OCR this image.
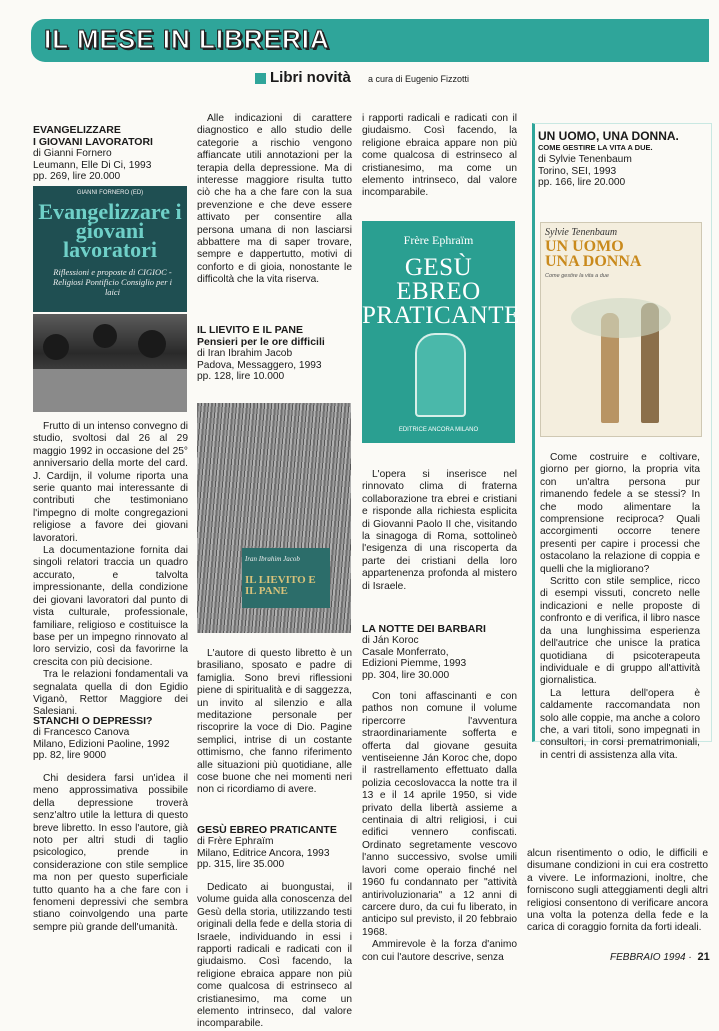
IL MESE IN LIBRERIA
Libri novità a cura di Eugenio Fizzotti
EVANGELIZZARE
I GIOVANI LAVORATORI
di Gianni Fornero
Leumann, Elle Di Ci, 1993
pp. 269, lire 20.000
GIANNI FORNERO (ED)
Evangelizzare i giovani lavoratori
Riflessioni e proposte di CIGIOC - Religiosi Pontificio Consiglio per i laici

Frutto di un intenso convegno di studio, svoltosi dal 26 al 29 maggio 1992 in occasione del 25° anniversario della morte del card. J. Cardijn, il volume riporta una serie quanto mai interessante di contributi che testimoniano l'impegno di molte congregazioni religiose a favore dei giovani lavoratori.

La documentazione fornita dai singoli relatori traccia un quadro accurato, e talvolta impressionante, della condizione dei giovani lavoratori dal punto di vista culturale, professionale, familiare, religioso e costituisce la base per un impegno rinnovato al loro servizio, così da favorirne la crescita con più decisione.

Tra le relazioni fondamentali va segnalata quella di don Egidio Viganò, Rettor Maggiore dei Salesiani.

STANCHI O DEPRESSI?
di Francesco Canova
Milano, Edizioni Paoline, 1992
pp. 82, lire 9000

Chi desidera farsi un'idea il meno approssimativa possibile della depressione troverà senz'altro utile la lettura di questo breve libretto. In esso l'autore, già noto per altri studi di taglio psicologico, prende in considerazione con stile semplice ma non per questo superficiale tutto quanto ha a che fare con i fenomeni depressivi che sembra stiano coinvolgendo una parte sempre più grande dell'umanità.

Alle indicazioni di carattere diagnostico e allo studio delle categorie a rischio vengono affiancate utili annotazioni per la terapia della depressione. Ma di interesse maggiore risulta tutto ciò che ha a che fare con la sua prevenzione e che deve essere attivato per consentire alla persona umana di non lasciarsi abbattere ma di saper trovare, sempre e dappertutto, motivi di conforto e di gioia, nonostante le difficoltà che la vita riserva.

IL LIEVITO E IL PANE
Pensieri per le ore difficili
di Iran Ibrahim Jacob
Padova, Messaggero, 1993
pp. 128, lire 10.000
Iran Ibrahim Jacob
IL LIEVITO E IL PANE

L'autore di questo libretto è un brasiliano, sposato e padre di famiglia. Sono brevi riflessioni piene di spiritualità e di saggezza, un invito al silenzio e alla meditazione personale per riscoprire la voce di Dio. Pagine semplici, intrise di un costante ottimismo, che fanno riferimento alle situazioni più quotidiane, alle cose buone che nei momenti neri non ci ricordiamo di avere.

GESÙ EBREO PRATICANTE
di Frère Ephraïm
Milano, Editrice Ancora, 1993
pp. 315, lire 35.000

Dedicato ai buongustai, il volume guida alla conoscenza del Gesù della storia, utilizzando testi originali della fede e della storia di Israele, individuando in essi i rapporti radicali e radicati con il giudaismo. Così facendo, la religione ebraica appare non più come qualcosa di estrinseco al cristianesimo, ma come un elemento intrinseco, dal valore incomparabile.

i rapporti radicali e radicati con il giudaismo. Così facendo, la religione ebraica appare non più come qualcosa di estrinseco al cristianesimo, ma come un elemento intrinseco, dal valore incomparabile.

Frère Ephraïm
GESÙ EBREO PRATICANTE
EDITRICE ANCORA MILANO

L'opera si inserisce nel rinnovato clima di fraterna collaborazione tra ebrei e cristiani e risponde alla richiesta esplicita di Giovanni Paolo II che, visitando la sinagoga di Roma, sottolineò l'esigenza di una riscoperta da parte dei cristiani della loro appartenenza profonda al mistero di Israele.

LA NOTTE DEI BARBARI
di Ján Koroc
Casale Monferrato,
Edizioni Piemme, 1993
pp. 304, lire 30.000

Con toni affascinanti e con pathos non comune il volume ripercorre l'avventura straordinariamente sofferta e offerta dal giovane gesuita ventiseienne Ján Koroc che, dopo il rastrellamento effettuato dalla polizia cecoslovacca la notte tra il 13 e il 14 aprile 1950, si vide privato della libertà assieme a centinaia di altri religiosi, i cui edifici vennero confiscati. Ordinato segretamente vescovo l'anno successivo, svolse umili lavori come operaio finché nel 1960 fu condannato per "attività antirivoluzionaria" a 12 anni di carcere duro, da cui fu liberato, in anticipo sul previsto, il 20 febbraio 1968.

Ammirevole è la forza d'animo con cui l'autore descrive, senza

UN UOMO, UNA DONNA.
COME GESTIRE LA VITA A DUE.
di Sylvie Tenenbaum
Torino, SEI, 1993
pp. 166, lire 20.000
Sylvie Tenenbaum
UN UOMO UNA DONNA
Come gestire la vita a due

Come costruire e coltivare, giorno per giorno, la propria vita con un'altra persona pur rimanendo fedele a se stessi? In che modo alimentare la comprensione reciproca? Quali accorgimenti occorre tenere presenti per capire i processi che ostacolano la relazione di coppia e quelli che la migliorano?

Scritto con stile semplice, ricco di esempi vissuti, concreto nelle indicazioni e nelle proposte di confronto e di verifica, il libro nasce da una lunghissima esperienza dell'autrice che unisce la pratica quotidiana di psicoterapeuta individuale e di gruppo all'attività giornalistica.

La lettura dell'opera è caldamente raccomandata non solo alle coppie, ma anche a coloro che, a vari titoli, sono impegnati in consultori, in corsi prematrimoniali, in centri di assistenza alla vita.

alcun risentimento o odio, le difficili e disumane condizioni in cui era costretto a vivere. Le informazioni, inoltre, che forniscono sugli atteggiamenti degli altri religiosi consentono di verificare ancora una volta la potenza della fede e la carica di coraggio fornita da forti ideali.

FEBBRAIO 1994 · 21
